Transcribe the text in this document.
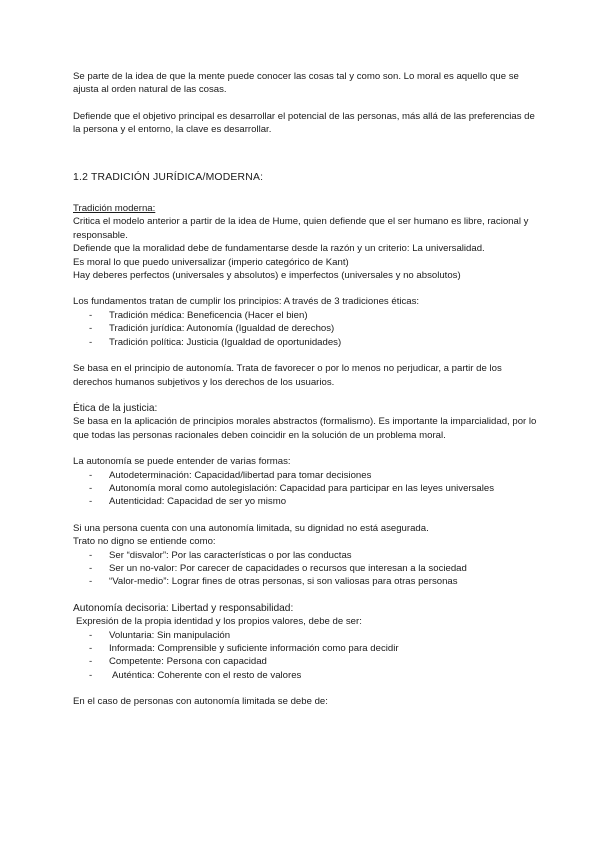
Se parte de la idea de que la mente puede conocer las cosas tal y como son. Lo moral es aquello que se ajusta al orden natural de las cosas.

Defiende que el objetivo principal es desarrollar el potencial de las personas, más allá de las preferencias de la persona y el entorno, la clave es desarrollar.

1.2 TRADICIÓN JURÍDICA/MODERNA:

Tradición moderna:

Critica el modelo anterior a partir de la idea de Hume, quien defiende que el ser humano es libre, racional y responsable.

Defiende que la moralidad debe de fundamentarse desde la razón y un criterio: La universalidad.

Es moral lo que puedo universalizar (imperio categórico de Kant)

Hay deberes perfectos (universales y absolutos) e imperfectos (universales y no absolutos)

Los fundamentos tratan de cumplir los principios: A través de 3 tradiciones éticas:

- Tradición médica: Beneficencia (Hacer el bien)
- Tradición jurídica: Autonomía (Igualdad de derechos)
- Tradición política: Justicia (Igualdad de oportunidades)

Se basa en el principio de autonomía. Trata de favorecer o por lo menos no perjudicar, a partir de los derechos humanos subjetivos y los derechos de los usuarios.

Ética de la justicia:

Se basa en la aplicación de principios morales abstractos (formalismo). Es importante la imparcialidad, por lo que todas las personas racionales deben coincidir en la solución de un problema moral.

La autonomía se puede entender de varias formas:

- Autodeterminación: Capacidad/libertad para tomar decisiones
- Autonomía moral como autolegislación: Capacidad para participar en las leyes universales
- Autenticidad: Capacidad de ser yo mismo

Si una persona cuenta con una autonomía limitada, su dignidad no está asegurada.

Trato no digno se entiende como:

- Ser “disvalor”: Por las características o por las conductas
- Ser un no-valor: Por carecer de capacidades o recursos que interesan a la sociedad
- “Valor-medio”: Lograr fines de otras personas, si son valiosas para otras personas

Autonomía decisoria: Libertad y responsabilidad:

Expresión de la propia identidad y los propios valores, debe de ser:

- Voluntaria: Sin manipulación
- Informada: Comprensible y suficiente información como para decidir
- Competente: Persona con capacidad
- Auténtica: Coherente con el resto de valores

En el caso de personas con autonomía limitada se debe de:
